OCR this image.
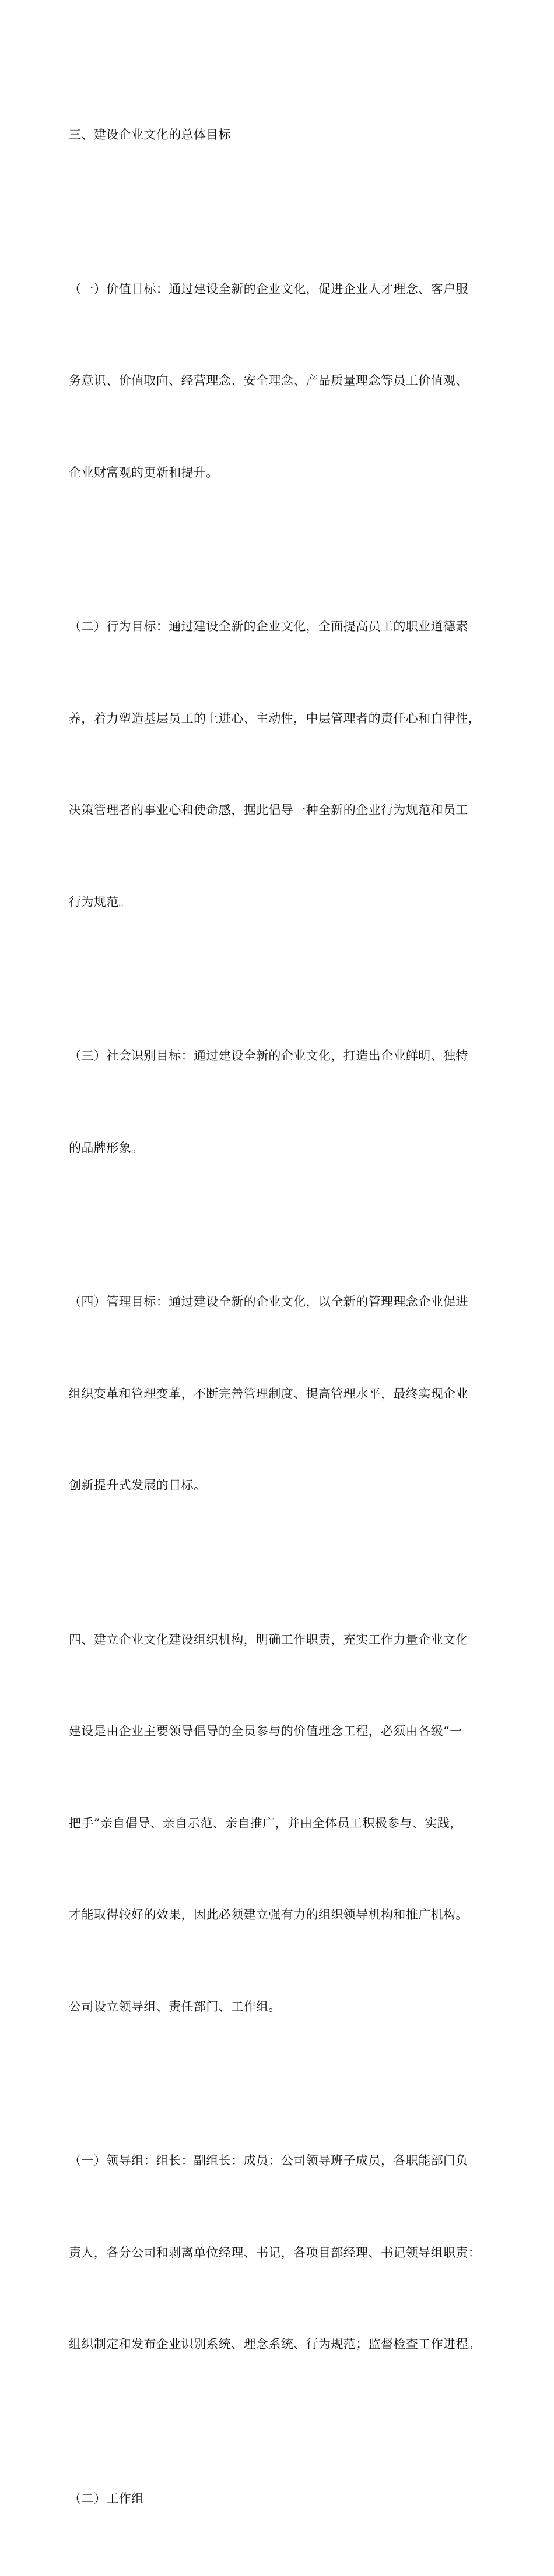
三、建设企业文化的总体目标

（一）价值目标：通过建设全新的企业文化，促进企业人才理念、客户服

务意识、价值取向、经营理念、安全理念、产品质量理念等员工价值观、

企业财富观的更新和提升。

（二）行为目标：通过建设全新的企业文化，全面提高员工的职业道德素

养，着力塑造基层员工的上进心、主动性，中层管理者的责任心和自律性，

决策管理者的事业心和使命感，据此倡导一种全新的企业行为规范和员工

行为规范。

（三）社会识别目标：通过建设全新的企业文化，打造出企业鲜明、独特

的品牌形象。

（四）管理目标：通过建设全新的企业文化，以全新的管理理念企业促进

组织变革和管理变革，不断完善管理制度、提高管理水平，最终实现企业

创新提升式发展的目标。

四、建立企业文化建设组织机构，明确工作职责，充实工作力量企业文化

建设是由企业主要领导倡导的全员参与的价值理念工程，必须由各级“一

把手”亲自倡导、亲自示范、亲自推广，并由全体员工积极参与、实践，

才能取得较好的效果，因此必须建立强有力的组织领导机构和推广机构。

公司设立领导组、责任部门、工作组。

（一）领导组：组长：副组长：成员：公司领导班子成员，各职能部门负

责人，各分公司和剥离单位经理、书记，各项目部经理、书记领导组职责：

组织制定和发布企业识别系统、理念系统、行为规范；监督检查工作进程。

（二）工作组
